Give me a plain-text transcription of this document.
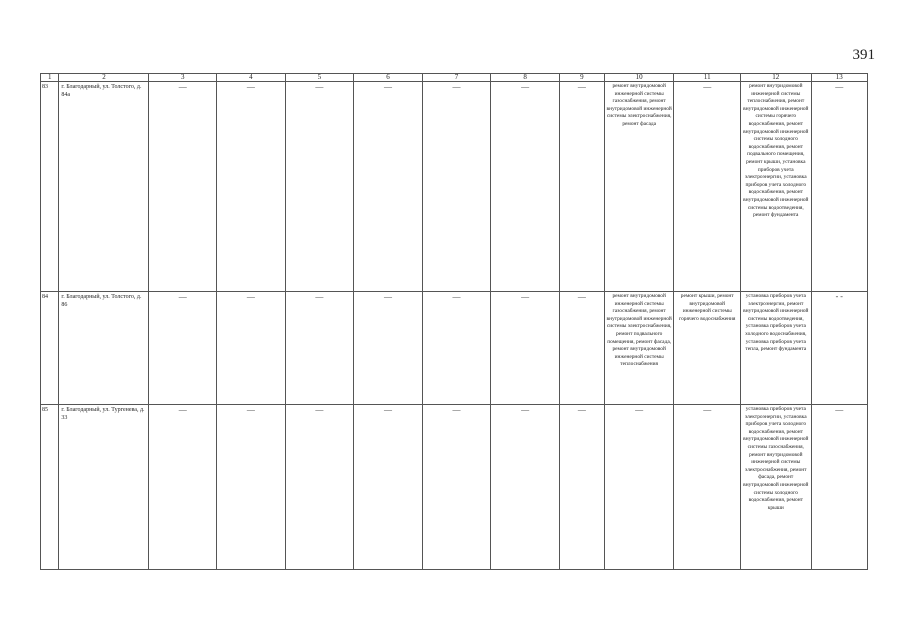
391
1	2	3	4	5	6	7	8	9	10	11	12	13
83	г. Благодарный, ул. Толстого, д. 84а	—	—	—	—	—	—	—	ремонт внутридомовой инженерной системы газоснабжения, ремонт внутридомовой инженерной системы электроснабжения, ремонт фасада	—	ремонт внутридомовой инженерной системы теплоснабжения, ремонт внутридомовой инженерной системы горячего водоснабжения, ремонт внутридомовой инженерной системы холодного водоснабжения, ремонт подвального помещения, ремонт крыши, установка приборов учета электроэнергии, установка приборов учета холодного водоснабжения, ремонт внутридомовой инженерной системы водоотведения, ремонт фундамента	—
84	г. Благодарный, ул. Толстого, д. 86	—	—	—	—	—	—	—	ремонт внутридомовой инженерной системы газоснабжения, ремонт внутридомовой инженерной системы электроснабжения, ремонт подвального помещения, ремонт фасада, ремонт внутридомовой инженерной системы теплоснабжения	ремонт крыши, ремонт внутридомовой инженерной системы горячего водоснабжения	установка приборов учета электроэнергии, ремонт внутридомовой инженерной системы водоотведения, установка приборов учета холодного водоснабжения, установка приборов учета тепла, ремонт фундамента	- -
85	г. Благодарный, ул. Тургенева, д. 33	—	—	—	—	—	—	—	—	—	установка приборов учета электроэнергии, установка приборов учета холодного водоснабжения, ремонт внутридомовой инженерной системы газоснабжения, ремонт внутридомовой инженерной системы электроснабжения, ремонт фасада, ремонт внутридомовой инженерной системы холодного водоснабжения, ремонт крыши	—
